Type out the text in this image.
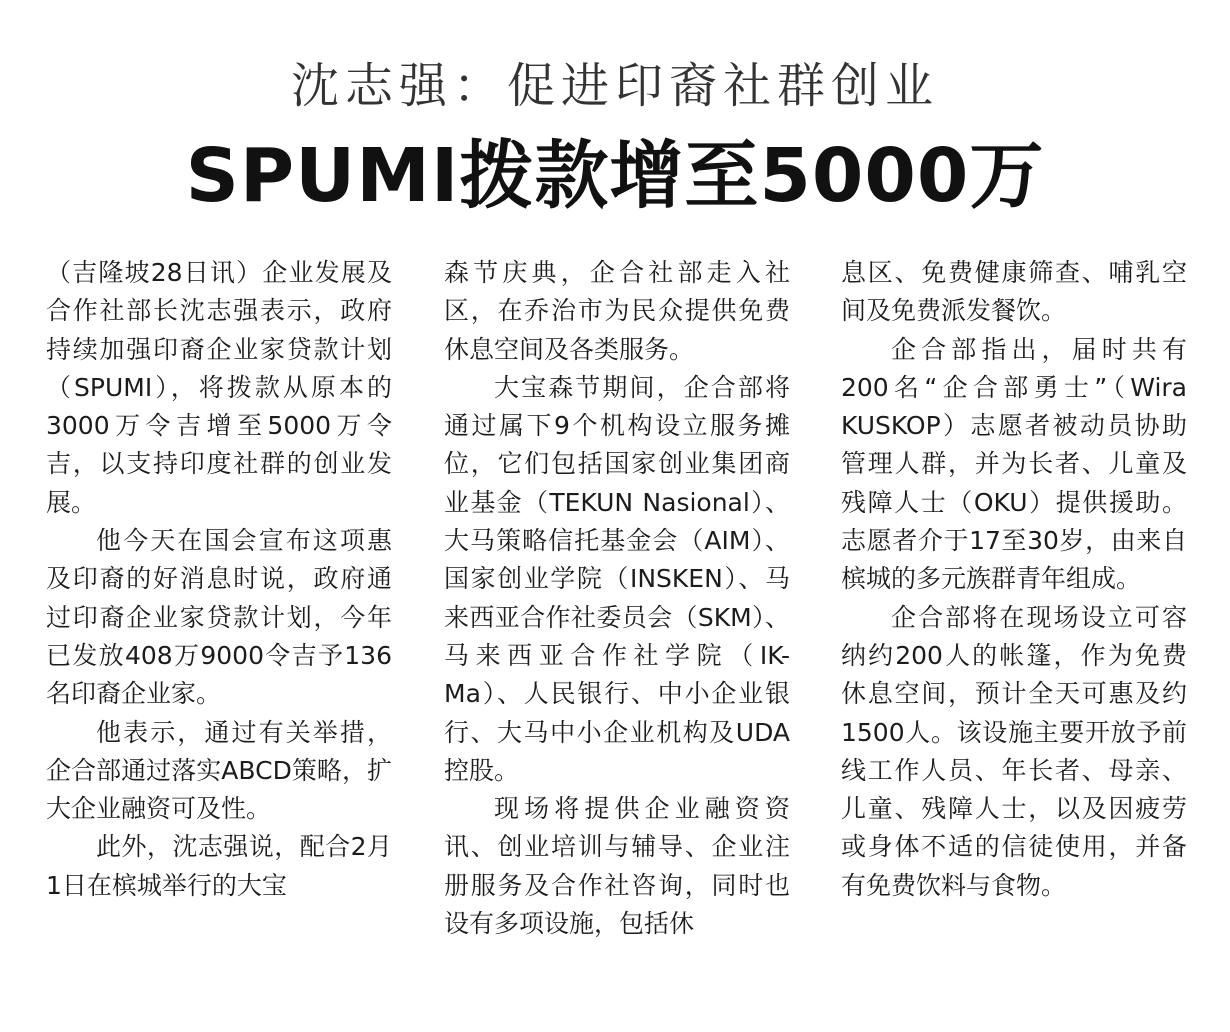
沈志强：促进印裔社群创业
SPUMI拨款增至5000万

（吉隆坡28日讯）企业发展及合作社部长沈志强表示，政府持续加强印裔企业家贷款计划（SPUMI），将拨款从原本的3000万令吉增至5000万令吉，以支持印度社群的创业发展。

他今天在国会宣布这项惠及印裔的好消息时说，政府通过印裔企业家贷款计划，今年已发放408万9000令吉予136名印裔企业家。

他表示，通过有关举措，企合部通过落实ABCD策略，扩大企业融资可及性。

此外，沈志强说，配合2月1日在槟城举行的大宝

森节庆典，企合社部走入社区，在乔治市为民众提供免费休息空间及各类服务。

大宝森节期间，企合部将通过属下9个机构设立服务摊位，它们包括国家创业集团商业基金（TEKUN Nasional）、大马策略信托基金会（AIM）、国家创业学院（INSKEN）、马来西亚合作社委员会（SKM）、马来西亚合作社学院（IK-Ma）、人民银行、中小企业银行、大马中小企业机构及UDA控股。

现场将提供企业融资资讯、创业培训与辅导、企业注册服务及合作社咨询，同时也设有多项设施，包括休

息区、免费健康筛查、哺乳空间及免费派发餐饮。

企合部指出，届时共有200名“企合部勇士”（Wira KUSKOP）志愿者被动员协助管理人群，并为长者、儿童及残障人士（OKU）提供援助。志愿者介于17至30岁，由来自槟城的多元族群青年组成。

企合部将在现场设立可容纳约200人的帐篷，作为免费休息空间，预计全天可惠及约1500人。该设施主要开放予前线工作人员、年长者、母亲、儿童、残障人士，以及因疲劳或身体不适的信徒使用，并备有免费饮料与食物。
